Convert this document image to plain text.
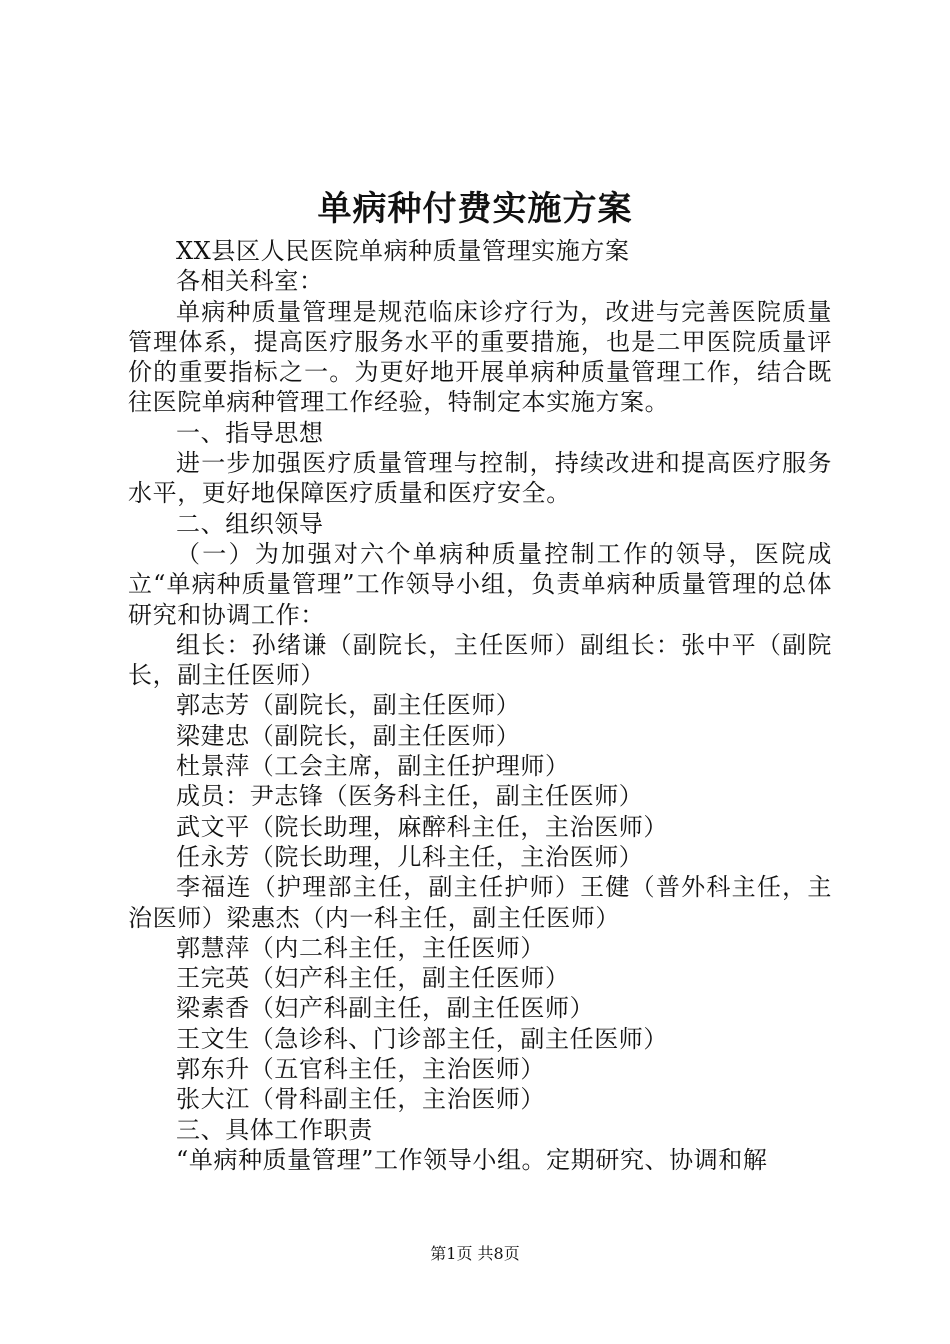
单病种付费实施方案

XX县区人民医院单病种质量管理实施方案

各相关科室：

单病种质量管理是规范临床诊疗行为，改进与完善医院质量管理体系，提高医疗服务水平的重要措施，也是二甲医院质量评价的重要指标之一。为更好地开展单病种质量管理工作，结合既往医院单病种管理工作经验，特制定本实施方案。

一、指导思想

进一步加强医疗质量管理与控制，持续改进和提高医疗服务水平，更好地保障医疗质量和医疗安全。

二、组织领导

（一）为加强对六个单病种质量控制工作的领导，医院成立“单病种质量管理”工作领导小组，负责单病种质量管理的总体研究和协调工作：

组长：孙绪谦（副院长，主任医师）副组长：张中平（副院长，副主任医师）

郭志芳（副院长，副主任医师）

梁建忠（副院长，副主任医师）

杜景萍（工会主席，副主任护理师）

成员：尹志锋（医务科主任，副主任医师）

武文平（院长助理，麻醉科主任，主治医师）

任永芳（院长助理，儿科主任，主治医师）

李福连（护理部主任，副主任护师）王健（普外科主任，主治医师）梁惠杰（内一科主任，副主任医师）

郭慧萍（内二科主任，主任医师）

王完英（妇产科主任，副主任医师）

梁素香（妇产科副主任，副主任医师）

王文生（急诊科、门诊部主任，副主任医师）

郭东升（五官科主任，主治医师）

张大江（骨科副主任，主治医师）

三、具体工作职责

“单病种质量管理”工作领导小组。定期研究、协调和解

第1页 共8页
